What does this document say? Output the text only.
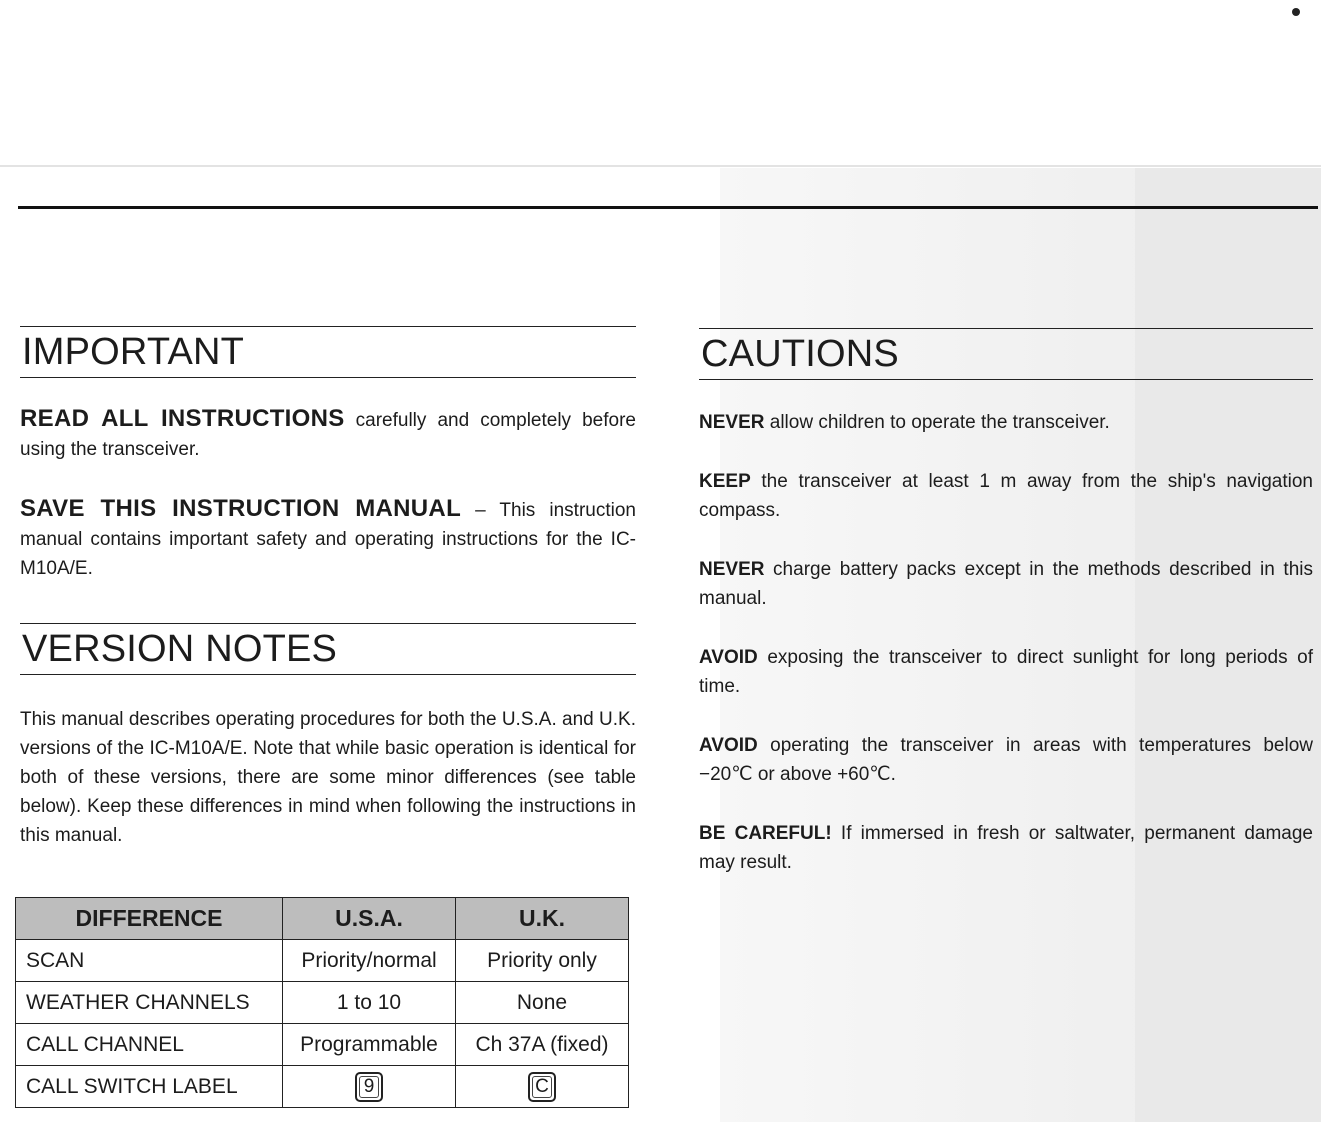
IMPORTANT

READ ALL INSTRUCTIONS carefully and completely before using the transceiver.

SAVE THIS INSTRUCTION MANUAL – This instruction manual contains important safety and operating instructions for the IC-M10A/E.

VERSION NOTES

This manual describes operating procedures for both the U.S.A. and U.K. versions of the IC-M10A/E. Note that while basic operation is identical for both of these versions, there are some minor differences (see table below). Keep these differences in mind when following the instructions in this manual.

DIFFERENCE	U.S.A.	U.K.
SCAN	Priority/normal	Priority only
WEATHER CHANNELS	1 to 10	None
CALL CHANNEL	Programmable	Ch 37A (fixed)
CALL SWITCH LABEL	9	C
CAUTIONS

NEVER allow children to operate the transceiver.

KEEP the transceiver at least 1 m away from the ship's navigation compass.

NEVER charge battery packs except in the methods described in this manual.

AVOID exposing the transceiver to direct sunlight for long periods of time.

AVOID operating the transceiver in areas with temperatures below −20℃ or above +60℃.

BE CAREFUL! If immersed in fresh or saltwater, permanent damage may result.
